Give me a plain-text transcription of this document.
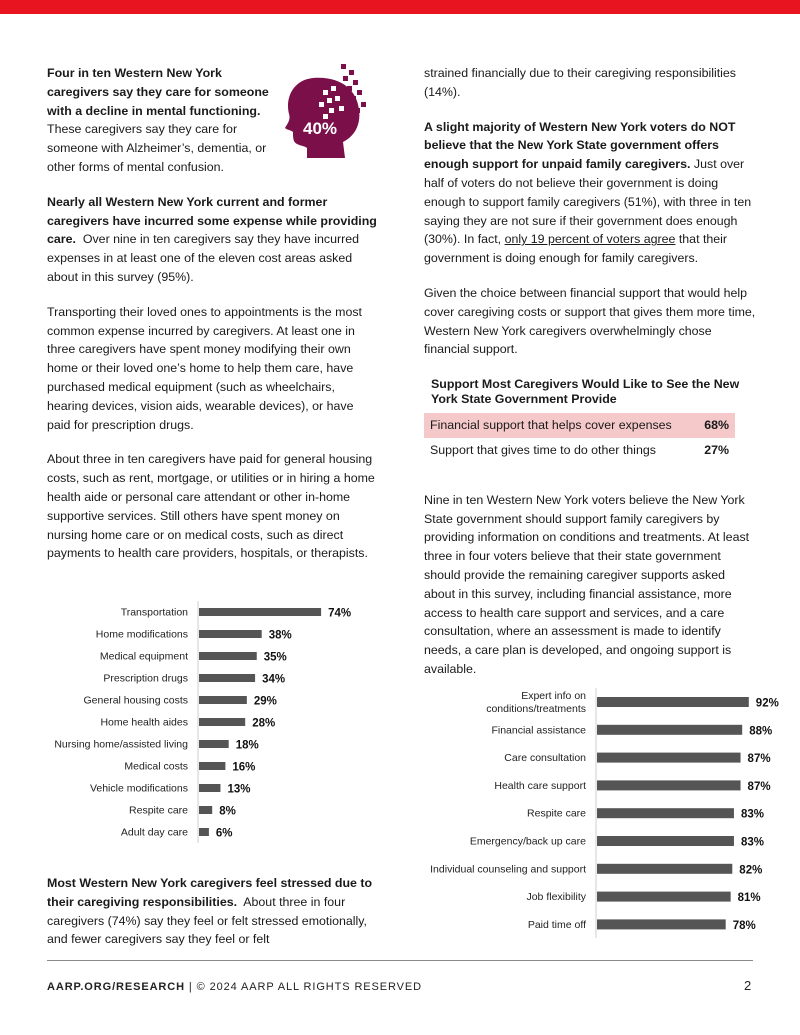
Four in ten Western New York caregivers say they care for someone with a decline in mental functioning. These caregivers say they care for someone with Alzheimer’s, dementia, or other forms of mental confusion.

40%

Nearly all Western New York current and former caregivers have incurred some expense while providing care. Over nine in ten caregivers say they have incurred expenses in at least one of the eleven cost areas asked about in this survey (95%).

Transporting their loved ones to appointments is the most common expense incurred by caregivers. At least one in three caregivers have spent money modifying their own home or their loved one’s home to help them care, have purchased medical equipment (such as wheelchairs, hearing devices, vision aids, wearable devices), or have paid for prescription drugs.

About three in ten caregivers have paid for general housing costs, such as rent, mortgage, or utilities or in hiring a home health aide or personal care attendant or other in-home supportive services. Still others have spent money on nursing home care or on medical costs, such as direct payments to health care providers, hospitals, or therapists.

Transportation	74%
Home modifications	38%
Medical equipment	35%
Prescription drugs	34%
General housing costs	29%
Home health aides	28%
Nursing home/assisted living	18%
Medical costs	16%
Vehicle modifications	13%
Respite care	8%
Adult day care 6%

Most Western New York caregivers feel stressed due to their caregiving responsibilities. About three in four caregivers (74%) say they feel or felt stressed emotionally, and fewer caregivers say they feel or felt

strained financially due to their caregiving responsibilities (14%).

A slight majority of Western New York voters do NOT believe that the New York State government offers enough support for unpaid family caregivers. Just over half of voters do not believe their government is doing enough to support family caregivers (51%), with three in ten saying they are not sure if their government does enough (30%). In fact, only 19 percent of voters agree that their government is doing enough for family caregivers.

Given the choice between financial support that would help cover caregiving costs or support that gives them more time, Western New York caregivers overwhelmingly chose financial support.

Support Most Caregivers Would Like to See the New York State Government Provide
Financial support that helps cover expenses	68%
Support that gives time to do other things	27%

Nine in ten Western New York voters believe the New York State government should support family caregivers by providing information on conditions and treatments. At least three in four voters believe that their state government should provide the remaining caregiver supports asked about in this survey, including financial assistance, more access to health care support and services, and a care consultation, where an assessment is made to identify needs, a care plan is developed, and ongoing support is available.

Expert info on conditions/treatments	92%
Financial assistance	88%
Care consultation	87%
Health care support	87%
Respite care	83%
Emergency/back up care	83%
Individual counseling and support	82%
Job flexibility	81%
Paid time off	78%
AARP.ORG/RESEARCH | © 2024 AARP ALL RIGHTS RESERVED	2
